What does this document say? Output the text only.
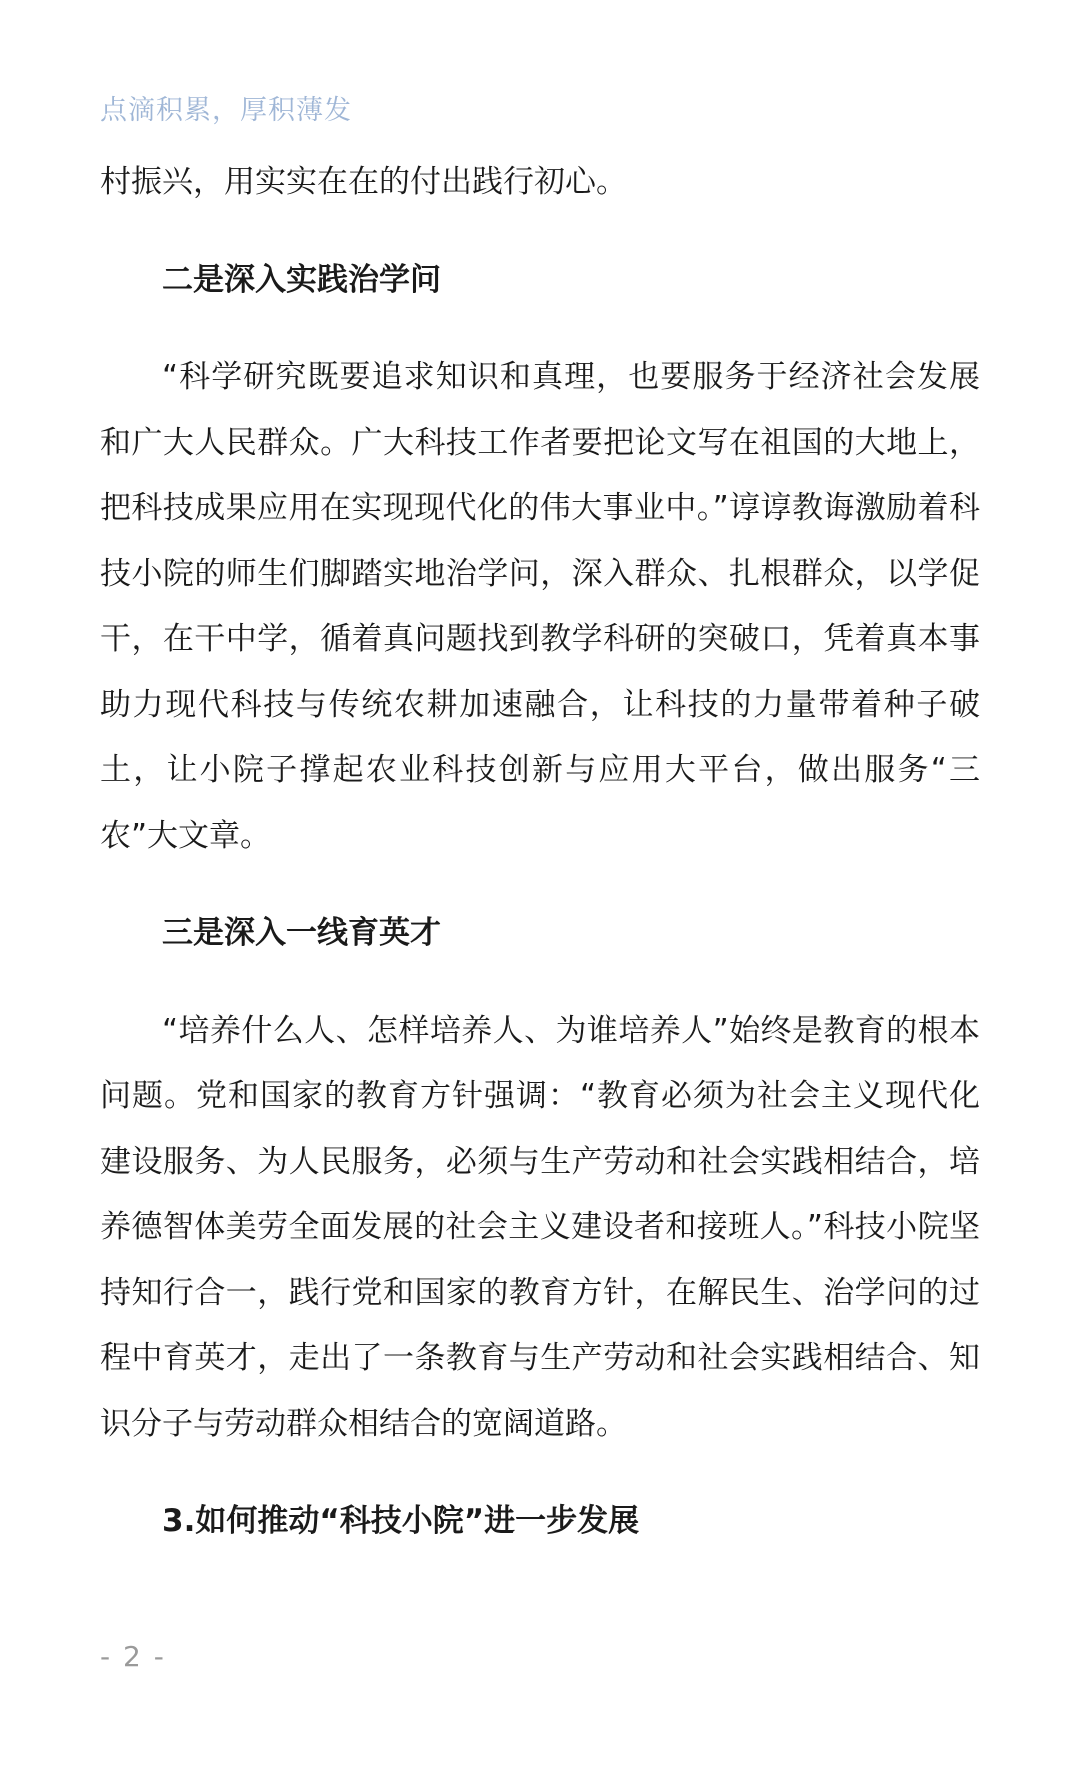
点滴积累，厚积薄发

村振兴，用实实在在的付出践行初心。

二是深入实践治学问

“科学研究既要追求知识和真理，也要服务于经济社会发展和广大人民群众。广大科技工作者要把论文写在祖国的大地上，把科技成果应用在实现现代化的伟大事业中。”谆谆教诲激励着科技小院的师生们脚踏实地治学问，深入群众、扎根群众，以学促干，在干中学，循着真问题找到教学科研的突破口，凭着真本事助力现代科技与传统农耕加速融合，让科技的力量带着种子破土，让小院子撑起农业科技创新与应用大平台，做出服务“三农”大文章。

三是深入一线育英才

“培养什么人、怎样培养人、为谁培养人”始终是教育的根本问题。党和国家的教育方针强调：“教育必须为社会主义现代化建设服务、为人民服务，必须与生产劳动和社会实践相结合，培养德智体美劳全面发展的社会主义建设者和接班人。”科技小院坚持知行合一，践行党和国家的教育方针，在解民生、治学问的过程中育英才，走出了一条教育与生产劳动和社会实践相结合、知识分子与劳动群众相结合的宽阔道路。

3.如何推动“科技小院”进一步发展

- 2 -
